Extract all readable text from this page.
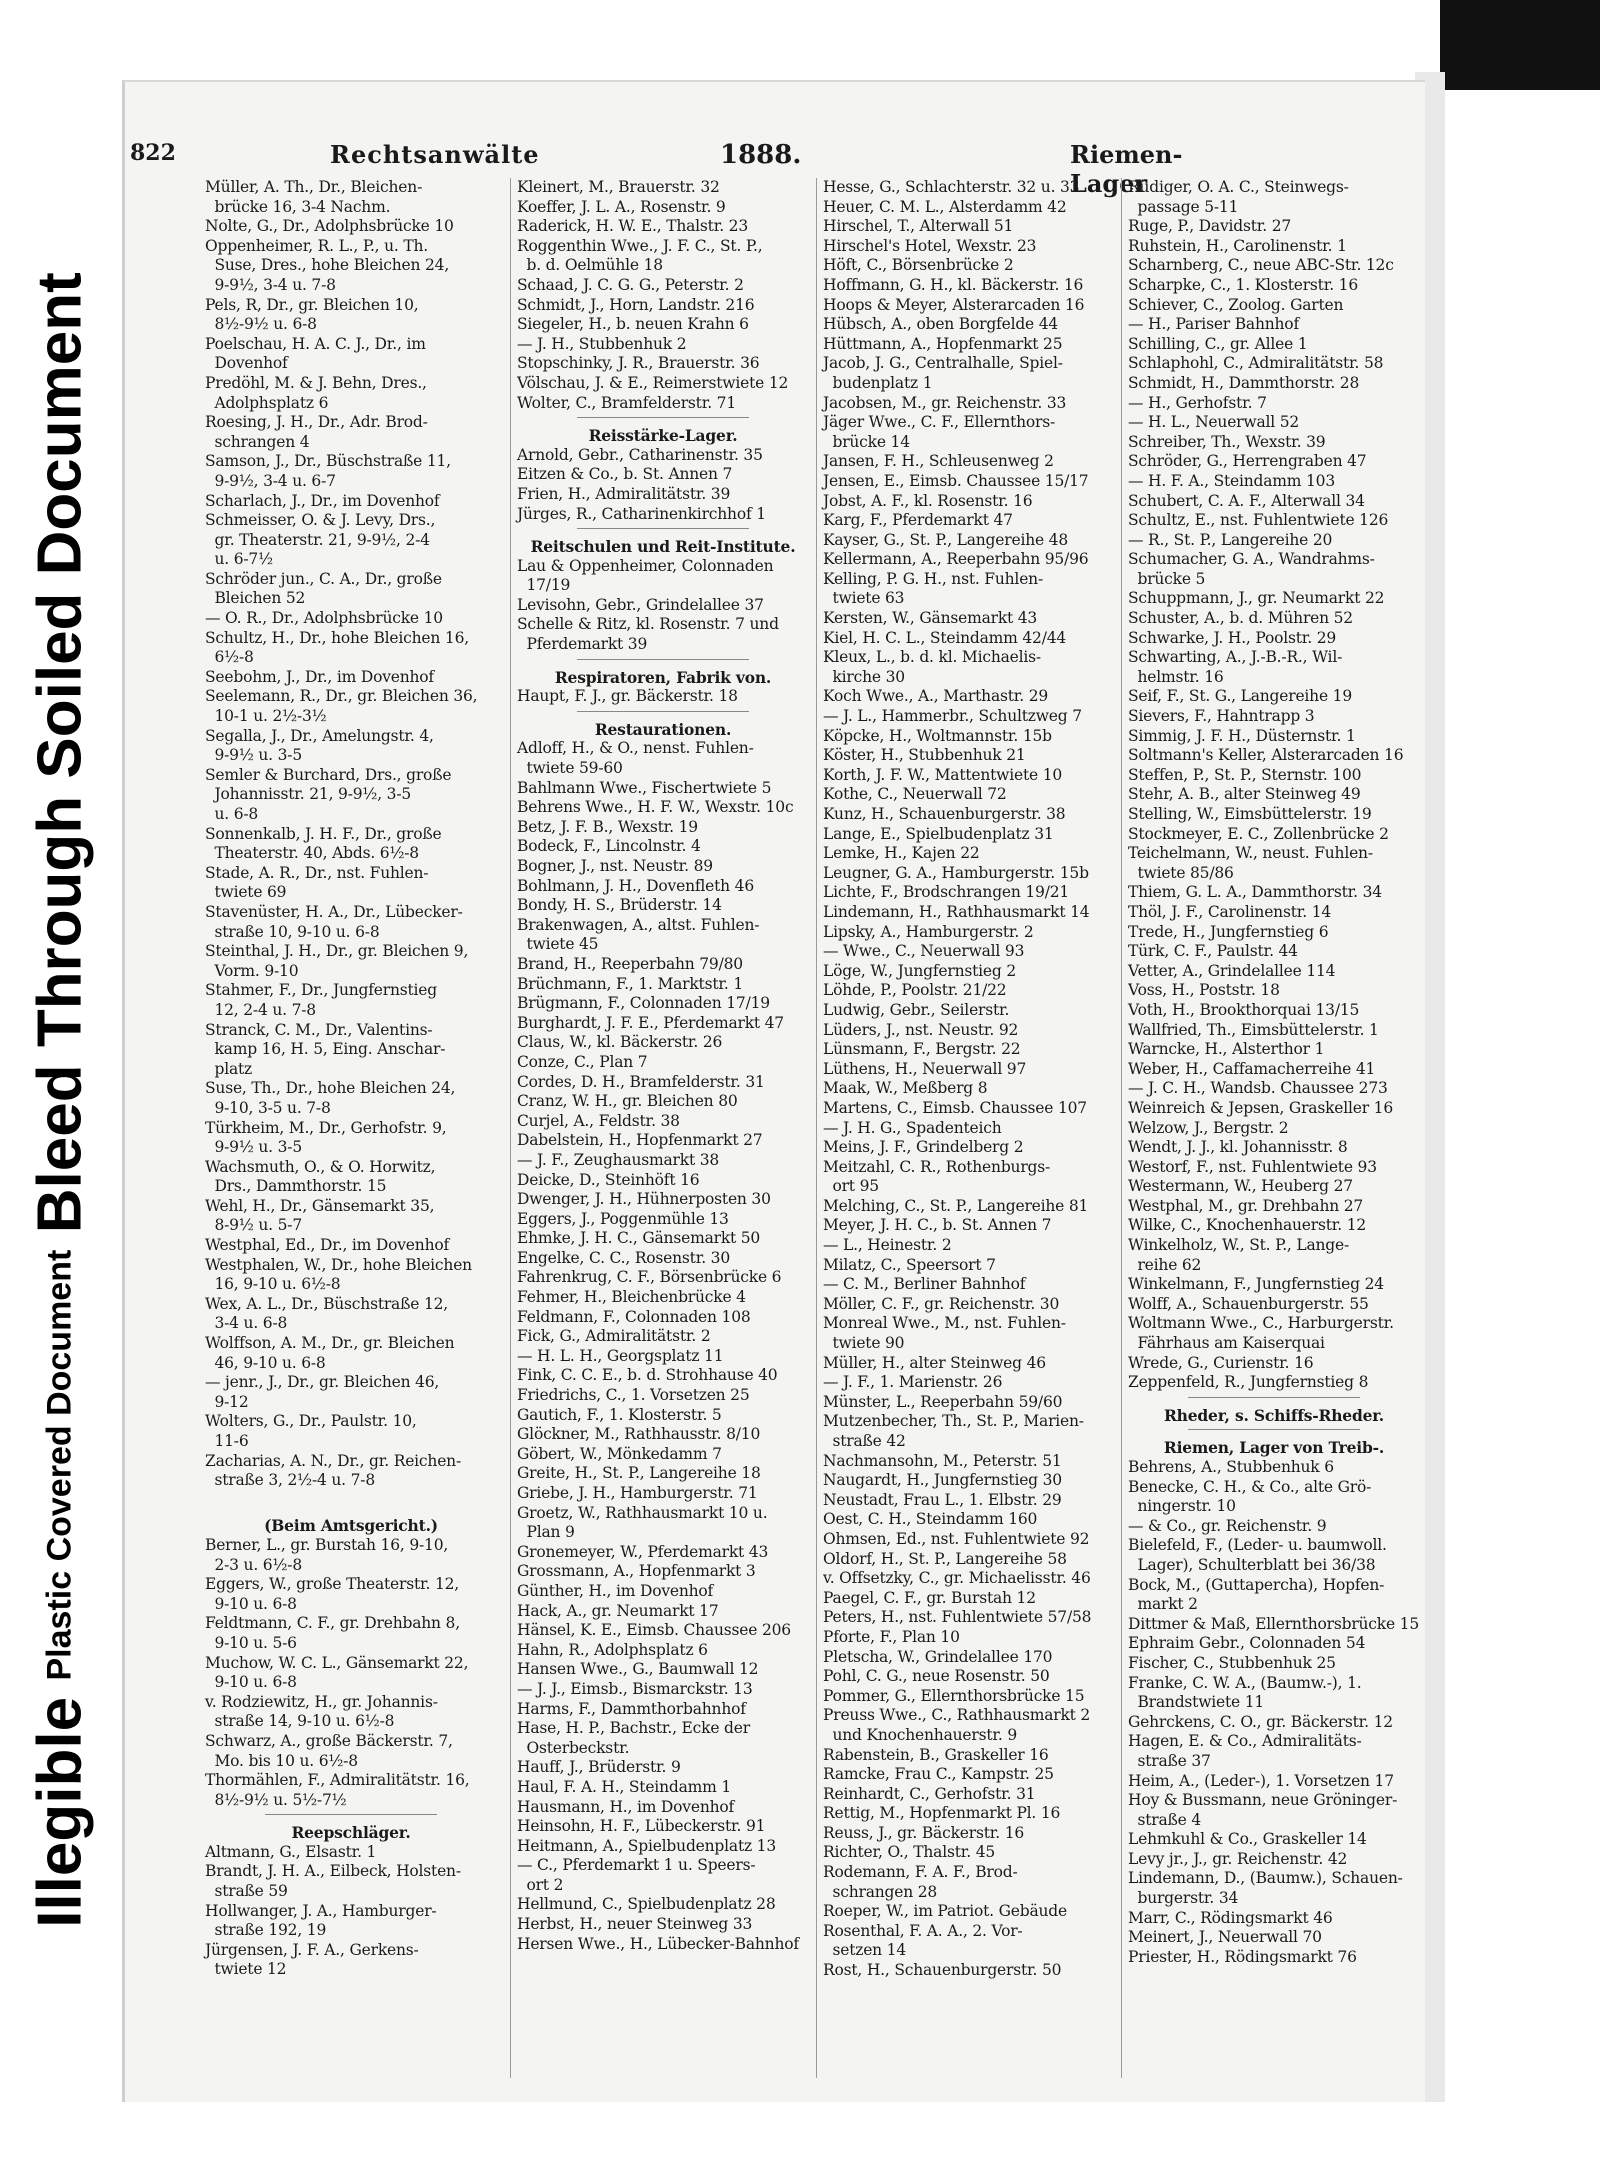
Illegible Plastic Covered Document Bleed Through Soiled Document
822	Rechtsanwälte	1888.	Riemen-Lager
Müller, A. Th., Dr., Bleichen-
brücke 16, 3-4 Nachm.
Nolte, G., Dr., Adolphsbrücke 10
Oppenheimer, R. L., P., u. Th.
Suse, Dres., hohe Bleichen 24,
9-9½, 3-4 u. 7-8
Pels, R, Dr., gr. Bleichen 10,
8½-9½ u. 6-8
Poelschau, H. A. C. J., Dr., im
Dovenhof
Predöhl, M. & J. Behn, Dres.,
Adolphsplatz 6
Roesing, J. H., Dr., Adr. Brod-
schrangen 4
Samson, J., Dr., Büschstraße 11,
9-9½, 3-4 u. 6-7
Scharlach, J., Dr., im Dovenhof
Schmeisser, O. & J. Levy, Drs.,
gr. Theaterstr. 21, 9-9½, 2-4
u. 6-7½
Schröder jun., C. A., Dr., große
Bleichen 52
— O. R., Dr., Adolphsbrücke 10
Schultz, H., Dr., hohe Bleichen 16,
6½-8
Seebohm, J., Dr., im Dovenhof
Seelemann, R., Dr., gr. Bleichen 36,
10-1 u. 2½-3½
Segalla, J., Dr., Amelungstr. 4,
9-9½ u. 3-5
Semler & Burchard, Drs., große
Johannisstr. 21, 9-9½, 3-5
u. 6-8
Sonnenkalb, J. H. F., Dr., große
Theaterstr. 40, Abds. 6½-8
Stade, A. R., Dr., nst. Fuhlen-
twiete 69
Stavenüster, H. A., Dr., Lübecker-
straße 10, 9-10 u. 6-8
Steinthal, J. H., Dr., gr. Bleichen 9,
Vorm. 9-10
Stahmer, F., Dr., Jungfernstieg
12, 2-4 u. 7-8
Stranck, C. M., Dr., Valentins-
kamp 16, H. 5, Eing. Anschar-
platz
Suse, Th., Dr., hohe Bleichen 24,
9-10, 3-5 u. 7-8
Türkheim, M., Dr., Gerhofstr. 9,
9-9½ u. 3-5
Wachsmuth, O., & O. Horwitz,
Drs., Dammthorstr. 15
Wehl, H., Dr., Gänsemarkt 35,
8-9½ u. 5-7
Westphal, Ed., Dr., im Dovenhof
Westphalen, W., Dr., hohe Bleichen
16, 9-10 u. 6½-8
Wex, A. L., Dr., Büschstraße 12,
3-4 u. 6-8
Wolffson, A. M., Dr., gr. Bleichen
46, 9-10 u. 6-8
— jenr., J., Dr., gr. Bleichen 46,
9-12
Wolters, G., Dr., Paulstr. 10,
11-6
Zacharias, A. N., Dr., gr. Reichen-
straße 3, 2½-4 u. 7-8

(Beim Amtsgericht.)
Berner, L., gr. Burstah 16, 9-10,
2-3 u. 6½-8
Eggers, W., große Theaterstr. 12,
9-10 u. 6-8
Feldtmann, C. F., gr. Drehbahn 8,
9-10 u. 5-6
Muchow, W. C. L., Gänsemarkt 22,
9-10 u. 6-8
v. Rodziewitz, H., gr. Johannis-
straße 14, 9-10 u. 6½-8
Schwarz, A., große Bäckerstr. 7,
Mo. bis 10 u. 6½-8
Thormählen, F., Admiralitätstr. 16,
8½-9½ u. 5½-7½
Reepschläger.
Altmann, G., Elsastr. 1
Brandt, J. H. A., Eilbeck, Holsten-
straße 59
Hollwanger, J. A., Hamburger-
straße 192, 19
Jürgensen, J. F. A., Gerkens-
twiete 12
Kleinert, M., Brauerstr. 32
Koeffer, J. L. A., Rosenstr. 9
Raderick, H. W. E., Thalstr. 23
Roggenthin Wwe., J. F. C., St. P.,
b. d. Oelmühle 18
Schaad, J. C. G. G., Peterstr. 2
Schmidt, J., Horn, Landstr. 216
Siegeler, H., b. neuen Krahn 6
— J. H., Stubbenhuk 2
Stopschinky, J. R., Brauerstr. 36
Völschau, J. & E., Reimerstwiete 12
Wolter, C., Bramfelderstr. 71
Reisstärke-Lager.
Arnold, Gebr., Catharinenstr. 35
Eitzen & Co., b. St. Annen 7
Frien, H., Admiralitätstr. 39
Jürges, R., Catharinenkirchhof 1
Reitschulen und Reit-Institute.
Lau & Oppenheimer, Colonnaden
17/19
Levisohn, Gebr., Grindelallee 37
Schelle & Ritz, kl. Rosenstr. 7 und
Pferdemarkt 39
Respiratoren, Fabrik von.
Haupt, F. J., gr. Bäckerstr. 18
Restaurationen.
Adloff, H., & O., nenst. Fuhlen-
twiete 59-60
Bahlmann Wwe., Fischertwiete 5
Behrens Wwe., H. F. W., Wexstr. 10c
Betz, J. F. B., Wexstr. 19
Bodeck, F., Lincolnstr. 4
Bogner, J., nst. Neustr. 89
Bohlmann, J. H., Dovenfleth 46
Bondy, H. S., Brüderstr. 14
Brakenwagen, A., altst. Fuhlen-
twiete 45
Brand, H., Reeperbahn 79/80
Brüchmann, F., 1. Marktstr. 1
Brügmann, F., Colonnaden 17/19
Burghardt, J. F. E., Pferdemarkt 47
Claus, W., kl. Bäckerstr. 26
Conze, C., Plan 7
Cordes, D. H., Bramfelderstr. 31
Cranz, W. H., gr. Bleichen 80
Curjel, A., Feldstr. 38
Dabelstein, H., Hopfenmarkt 27
— J. F., Zeughausmarkt 38
Deicke, D., Steinhöft 16
Dwenger, J. H., Hühnerposten 30
Eggers, J., Poggenmühle 13
Ehmke, J. H. C., Gänsemarkt 50
Engelke, C. C., Rosenstr. 30
Fahrenkrug, C. F., Börsenbrücke 6
Fehmer, H., Bleichenbrücke 4
Feldmann, F., Colonnaden 108
Fick, G., Admiralitätstr. 2
— H. L. H., Georgsplatz 11
Fink, C. C. E., b. d. Strohhause 40
Friedrichs, C., 1. Vorsetzen 25
Gautich, F., 1. Klosterstr. 5
Glöckner, M., Rathhausstr. 8/10
Göbert, W., Mönkedamm 7
Greite, H., St. P., Langereihe 18
Griebe, J. H., Hamburgerstr. 71
Groetz, W., Rathhausmarkt 10 u.
Plan 9
Gronemeyer, W., Pferdemarkt 43
Grossmann, A., Hopfenmarkt 3
Günther, H., im Dovenhof
Hack, A., gr. Neumarkt 17
Hänsel, K. E., Eimsb. Chaussee 206
Hahn, R., Adolphsplatz 6
Hansen Wwe., G., Baumwall 12
— J. J., Eimsb., Bismarckstr. 13
Harms, F., Dammthorbahnhof
Hase, H. P., Bachstr., Ecke der
Osterbeckstr.
Hauff, J., Brüderstr. 9
Haul, F. A. H., Steindamm 1
Hausmann, H., im Dovenhof
Heinsohn, H. F., Lübeckerstr. 91
Heitmann, A., Spielbudenplatz 13
— C., Pferdemarkt 1 u. Speers-
ort 2
Hellmund, C., Spielbudenplatz 28
Herbst, H., neuer Steinweg 33
Hersen Wwe., H., Lübecker-Bahnhof
Hesse, G., Schlachterstr. 32 u. 33
Heuer, C. M. L., Alsterdamm 42
Hirschel, T., Alterwall 51
Hirschel's Hotel, Wexstr. 23
Höft, C., Börsenbrücke 2
Hoffmann, G. H., kl. Bäckerstr. 16
Hoops & Meyer, Alsterarcaden 16
Hübsch, A., oben Borgfelde 44
Hüttmann, A., Hopfenmarkt 25
Jacob, J. G., Centralhalle, Spiel-
budenplatz 1
Jacobsen, M., gr. Reichenstr. 33
Jäger Wwe., C. F., Ellernthors-
brücke 14
Jansen, F. H., Schleusenweg 2
Jensen, E., Eimsb. Chaussee 15/17
Jobst, A. F., kl. Rosenstr. 16
Karg, F., Pferdemarkt 47
Kayser, G., St. P., Langereihe 48
Kellermann, A., Reeperbahn 95/96
Kelling, P. G. H., nst. Fuhlen-
twiete 63
Kersten, W., Gänsemarkt 43
Kiel, H. C. L., Steindamm 42/44
Kleux, L., b. d. kl. Michaelis-
kirche 30
Koch Wwe., A., Marthastr. 29
— J. L., Hammerbr., Schultzweg 7
Köpcke, H., Woltmannstr. 15b
Köster, H., Stubbenhuk 21
Korth, J. F. W., Mattentwiete 10
Kothe, C., Neuerwall 72
Kunz, H., Schauenburgerstr. 38
Lange, E., Spielbudenplatz 31
Lemke, H., Kajen 22
Leugner, G. A., Hamburgerstr. 15b
Lichte, F., Brodschrangen 19/21
Lindemann, H., Rathhausmarkt 14
Lipsky, A., Hamburgerstr. 2
— Wwe., C., Neuerwall 93
Löge, W., Jungfernstieg 2
Löhde, P., Poolstr. 21/22
Ludwig, Gebr., Seilerstr.
Lüders, J., nst. Neustr. 92
Lünsmann, F., Bergstr. 22
Lüthens, H., Neuerwall 97
Maak, W., Meßberg 8
Martens, C., Eimsb. Chaussee 107
— J. H. G., Spadenteich
Meins, J. F., Grindelberg 2
Meitzahl, C. R., Rothenburgs-
ort 95
Melching, C., St. P., Langereihe 81
Meyer, J. H. C., b. St. Annen 7
— L., Heinestr. 2
Milatz, C., Speersort 7
— C. M., Berliner Bahnhof
Möller, C. F., gr. Reichenstr. 30
Monreal Wwe., M., nst. Fuhlen-
twiete 90
Müller, H., alter Steinweg 46
— J. F., 1. Marienstr. 26
Münster, L., Reeperbahn 59/60
Mutzenbecher, Th., St. P., Marien-
straße 42
Nachmansohn, M., Peterstr. 51
Naugardt, H., Jungfernstieg 30
Neustadt, Frau L., 1. Elbstr. 29
Oest, C. H., Steindamm 160
Ohmsen, Ed., nst. Fuhlentwiete 92
Oldorf, H., St. P., Langereihe 58
v. Offsetzky, C., gr. Michaelisstr. 46
Paegel, C. F., gr. Burstah 12
Peters, H., nst. Fuhlentwiete 57/58
Pforte, F., Plan 10
Pletscha, W., Grindelallee 170
Pohl, C. G., neue Rosenstr. 50
Pommer, G., Ellernthorsbrücke 15
Preuss Wwe., C., Rathhausmarkt 2
und Knochenhauerstr. 9
Rabenstein, B., Graskeller 16
Ramcke, Frau C., Kampstr. 25
Reinhardt, C., Gerhofstr. 31
Rettig, M., Hopfenmarkt Pl. 16
Reuss, J., gr. Bäckerstr. 16
Richter, O., Thalstr. 45
Rodemann, F. A. F., Brod-
schrangen 28
Roeper, W., im Patriot. Gebäude
Rosenthal, F. A. A., 2. Vor-
setzen 14
Rost, H., Schauenburgerstr. 50
Rüdiger, O. A. C., Steinwegs-
passage 5-11
Ruge, P., Davidstr. 27
Ruhstein, H., Carolinenstr. 1
Scharnberg, C., neue ABC-Str. 12c
Scharpke, C., 1. Klosterstr. 16
Schiever, C., Zoolog. Garten
— H., Pariser Bahnhof
Schilling, C., gr. Allee 1
Schlaphohl, C., Admiralitätstr. 58
Schmidt, H., Dammthorstr. 28
— H., Gerhofstr. 7
— H. L., Neuerwall 52
Schreiber, Th., Wexstr. 39
Schröder, G., Herrengraben 47
— H. F. A., Steindamm 103
Schubert, C. A. F., Alterwall 34
Schultz, E., nst. Fuhlentwiete 126
— R., St. P., Langereihe 20
Schumacher, G. A., Wandrahms-
brücke 5
Schuppmann, J., gr. Neumarkt 22
Schuster, A., b. d. Mühren 52
Schwarke, J. H., Poolstr. 29
Schwarting, A., J.-B.-R., Wil-
helmstr. 16
Seif, F., St. G., Langereihe 19
Sievers, F., Hahntrapp 3
Simmig, J. F. H., Düsternstr. 1
Soltmann's Keller, Alsterarcaden 16
Steffen, P., St. P., Sternstr. 100
Stehr, A. B., alter Steinweg 49
Stelling, W., Eimsbüttelerstr. 19
Stockmeyer, E. C., Zollenbrücke 2
Teichelmann, W., neust. Fuhlen-
twiete 85/86
Thiem, G. L. A., Dammthorstr. 34
Thöl, J. F., Carolinenstr. 14
Trede, H., Jungfernstieg 6
Türk, C. F., Paulstr. 44
Vetter, A., Grindelallee 114
Voss, H., Poststr. 18
Voth, H., Brookthorquai 13/15
Wallfried, Th., Eimsbüttelerstr. 1
Warncke, H., Alsterthor 1
Weber, H., Caffamacherreihe 41
— J. C. H., Wandsb. Chaussee 273
Weinreich & Jepsen, Graskeller 16
Welzow, J., Bergstr. 2
Wendt, J. J., kl. Johannisstr. 8
Westorf, F., nst. Fuhlentwiete 93
Westermann, W., Heuberg 27
Westphal, M., gr. Drehbahn 27
Wilke, C., Knochenhauerstr. 12
Winkelholz, W., St. P., Lange-
reihe 62
Winkelmann, F., Jungfernstieg 24
Wolff, A., Schauenburgerstr. 55
Woltmann Wwe., C., Harburgerstr.
Fährhaus am Kaiserquai
Wrede, G., Curienstr. 16
Zeppenfeld, R., Jungfernstieg 8
Rheder, s. Schiffs-Rheder.
Riemen, Lager von Treib-.
Behrens, A., Stubbenhuk 6
Benecke, C. H., & Co., alte Grö-
ningerstr. 10
— & Co., gr. Reichenstr. 9
Bielefeld, F., (Leder- u. baumwoll.
Lager), Schulterblatt bei 36/38
Bock, M., (Guttapercha), Hopfen-
markt 2
Dittmer & Maß, Ellernthorsbrücke 15
Ephraim Gebr., Colonnaden 54
Fischer, C., Stubbenhuk 25
Franke, C. W. A., (Baumw.-), 1.
Brandstwiete 11
Gehrckens, C. O., gr. Bäckerstr. 12
Hagen, E. & Co., Admiralitäts-
straße 37
Heim, A., (Leder-), 1. Vorsetzen 17
Hoy & Bussmann, neue Gröninger-
straße 4
Lehmkuhl & Co., Graskeller 14
Levy jr., J., gr. Reichenstr. 42
Lindemann, D., (Baumw.), Schauen-
burgerstr. 34
Marr, C., Rödingsmarkt 46
Meinert, J., Neuerwall 70
Priester, H., Rödingsmarkt 76
